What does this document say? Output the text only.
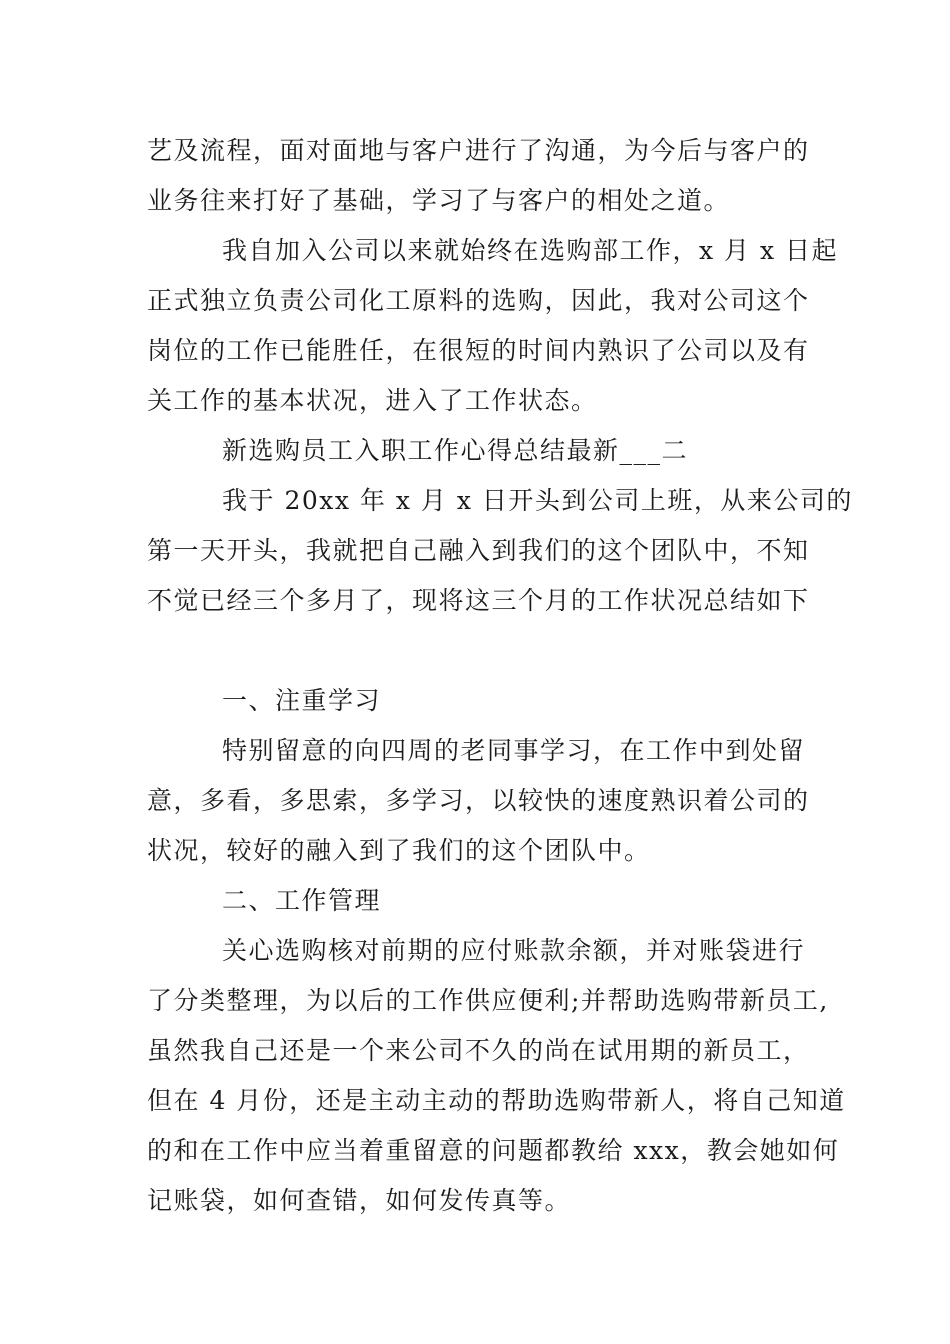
艺及流程，面对面地与客户进行了沟通，为今后与客户的
业务往来打好了基础，学习了与客户的相处之道。
我自加入公司以来就始终在选购部工作，x 月 x 日起
正式独立负责公司化工原料的选购，因此，我对公司这个
岗位的工作已能胜任，在很短的时间内熟识了公司以及有
关工作的基本状况，进入了工作状态。
新选购员工入职工作心得总结最新___二
我于 20xx 年 x 月 x 日开头到公司上班，从来公司的
第一天开头，我就把自己融入到我们的这个团队中，不知
不觉已经三个多月了，现将这三个月的工作状况总结如下
一、注重学习
特别留意的向四周的老同事学习，在工作中到处留
意，多看，多思索，多学习，以较快的速度熟识着公司的
状况，较好的融入到了我们的这个团队中。
二、工作管理
关心选购核对前期的应付账款余额，并对账袋进行
了分类整理，为以后的工作供应便利;并帮助选购带新员工,
虽然我自己还是一个来公司不久的尚在试用期的新员工，
但在 4 月份，还是主动主动的帮助选购带新人，将自己知道
的和在工作中应当着重留意的问题都教给 xxx，教会她如何
记账袋，如何查错，如何发传真等。
